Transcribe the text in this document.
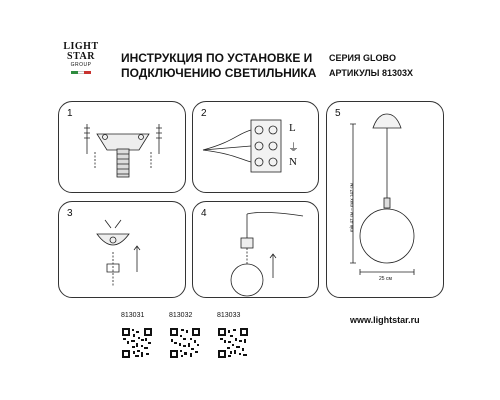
LIGHT
STAR
GROUP	ИНСТРУКЦИЯ ПО УСТАНОВКЕ И
ПОДКЛЮЧЕНИЮ СВЕТИЛЬНИКА
СЕРИЯ GLOBO
АРТИКУЛЫ 81303X
1	2
L
⏚
N
3	4
5
min 47 см – max 147 см
25 см
813031	813032	813033	www.lightstar.ru
